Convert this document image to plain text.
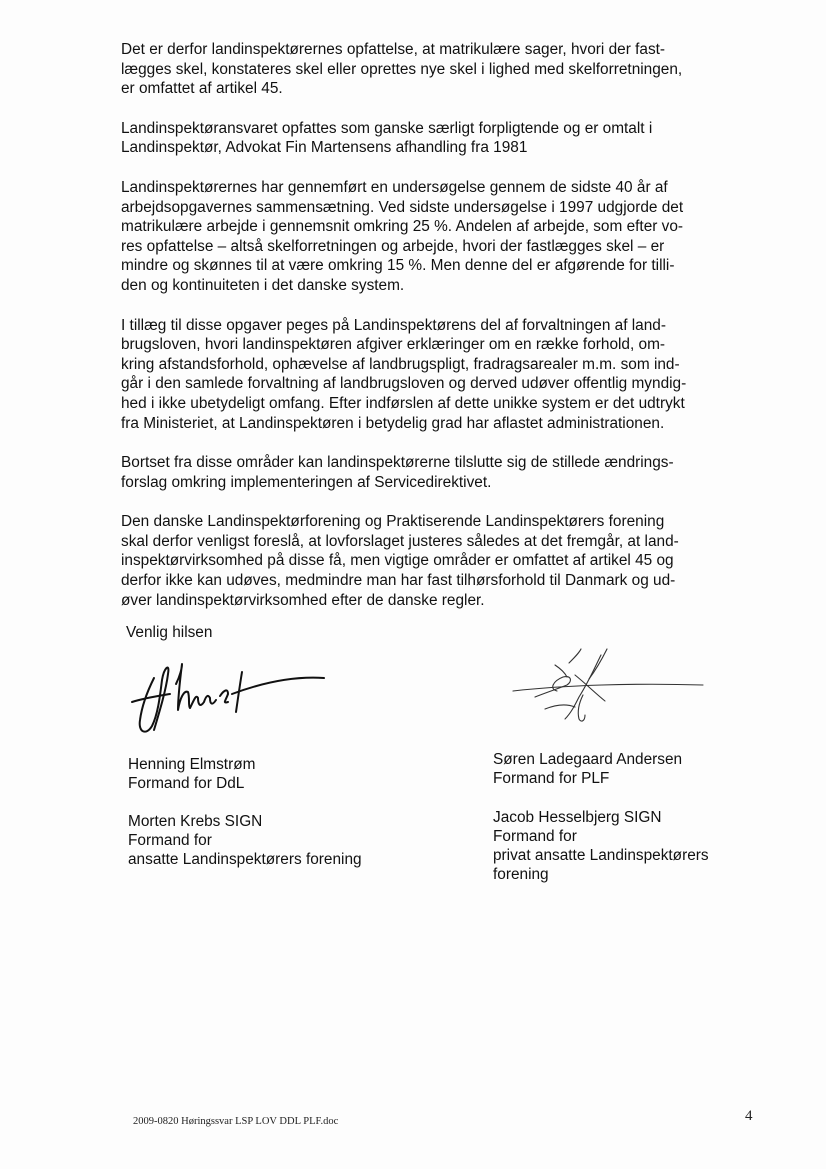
Det er derfor landinspektørernes opfattelse, at matrikulære sager, hvori der fast-
lægges skel, konstateres skel eller oprettes nye skel i lighed med skelforretningen,
er omfattet af artikel 45.
Landinspektøransvaret opfattes som ganske særligt forpligtende og er omtalt i
Landinspektør, Advokat Fin Martensens afhandling fra 1981
Landinspektørernes har gennemført en undersøgelse gennem de sidste 40 år af
arbejdsopgavernes sammensætning. Ved sidste undersøgelse i 1997 udgjorde det
matrikulære arbejde i gennemsnit omkring 25 %. Andelen af arbejde, som efter vo-
res opfattelse – altså skelforretningen og arbejde, hvori der fastlægges skel – er
mindre og skønnes til at være omkring 15 %. Men denne del er afgørende for tilli-
den og kontinuiteten i det danske system.
I tillæg til disse opgaver peges på Landinspektørens del af forvaltningen af land-
brugsloven, hvori landinspektøren afgiver erklæringer om en række forhold, om-
kring afstandsforhold, ophævelse af landbrugspligt, fradragsarealer m.m. som ind-
går i den samlede forvaltning af landbrugsloven og derved udøver offentlig myndig-
hed i ikke ubetydeligt omfang. Efter indførslen af dette unikke system er det udtrykt
fra Ministeriet, at Landinspektøren i betydelig grad har aflastet administrationen.
Bortset fra disse områder kan landinspektørerne tilslutte sig de stillede ændrings-
forslag omkring implementeringen af Servicedirektivet.
Den danske Landinspektørforening og Praktiserende Landinspektørers forening
skal derfor venligst foreslå, at lovforslaget justeres således at det fremgår, at land-
inspektørvirksomhed på disse få, men vigtige områder er omfattet af artikel 45 og
derfor ikke kan udøves, medmindre man har fast tilhørsforhold til Danmark og ud-
øver landinspektørvirksomhed efter de danske regler.
Venlig hilsen
Henning Elmstrøm
Formand for DdL
Søren Ladegaard Andersen
Formand for PLF
Morten Krebs SIGN
Formand for
ansatte Landinspektørers forening
Jacob Hesselbjerg SIGN
Formand for
privat ansatte Landinspektørers
forening
2009-0820 Høringssvar LSP LOV DDL PLF.doc	4
